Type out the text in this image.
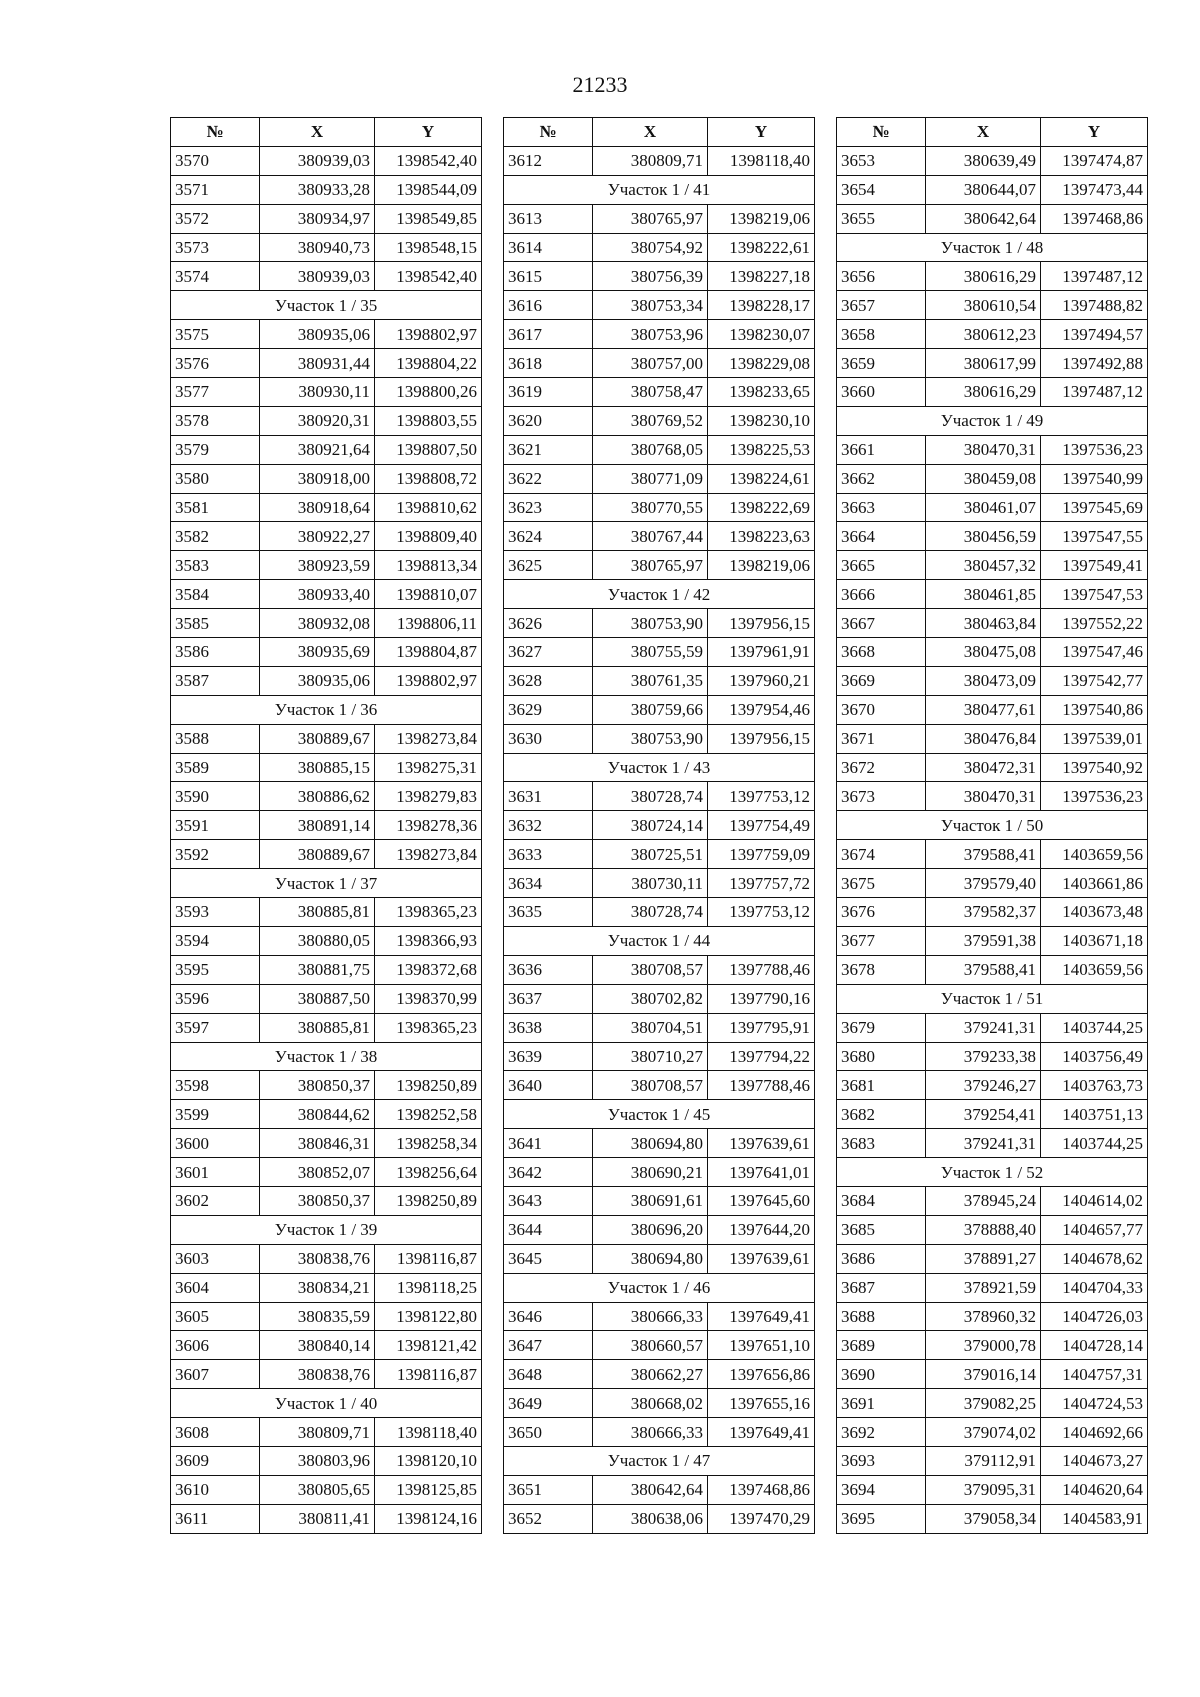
21233
№	X	Y
3570	380939,03	1398542,40
3571	380933,28	1398544,09
3572	380934,97	1398549,85
3573	380940,73	1398548,15
3574	380939,03	1398542,40
Участок 1 / 35		
3575	380935,06	1398802,97
3576	380931,44	1398804,22
3577	380930,11	1398800,26
3578	380920,31	1398803,55
3579	380921,64	1398807,50
3580	380918,00	1398808,72
3581	380918,64	1398810,62
3582	380922,27	1398809,40
3583	380923,59	1398813,34
3584	380933,40	1398810,07
3585	380932,08	1398806,11
3586	380935,69	1398804,87
3587	380935,06	1398802,97
Участок 1 / 36		
3588	380889,67	1398273,84
3589	380885,15	1398275,31
3590	380886,62	1398279,83
3591	380891,14	1398278,36
3592	380889,67	1398273,84
Участок 1 / 37		
3593	380885,81	1398365,23
3594	380880,05	1398366,93
3595	380881,75	1398372,68
3596	380887,50	1398370,99
3597	380885,81	1398365,23
Участок 1 / 38		
3598	380850,37	1398250,89
3599	380844,62	1398252,58
3600	380846,31	1398258,34
3601	380852,07	1398256,64
3602	380850,37	1398250,89
Участок 1 / 39		
3603	380838,76	1398116,87
3604	380834,21	1398118,25
3605	380835,59	1398122,80
3606	380840,14	1398121,42
3607	380838,76	1398116,87
Участок 1 / 40		
3608	380809,71	1398118,40
3609	380803,96	1398120,10
3610	380805,65	1398125,85
3611	380811,41	1398124,16
№	X	Y
3612	380809,71	1398118,40
Участок 1 / 41		
3613	380765,97	1398219,06
3614	380754,92	1398222,61
3615	380756,39	1398227,18
3616	380753,34	1398228,17
3617	380753,96	1398230,07
3618	380757,00	1398229,08
3619	380758,47	1398233,65
3620	380769,52	1398230,10
3621	380768,05	1398225,53
3622	380771,09	1398224,61
3623	380770,55	1398222,69
3624	380767,44	1398223,63
3625	380765,97	1398219,06
Участок 1 / 42		
3626	380753,90	1397956,15
3627	380755,59	1397961,91
3628	380761,35	1397960,21
3629	380759,66	1397954,46
3630	380753,90	1397956,15
Участок 1 / 43		
3631	380728,74	1397753,12
3632	380724,14	1397754,49
3633	380725,51	1397759,09
3634	380730,11	1397757,72
3635	380728,74	1397753,12
Участок 1 / 44		
3636	380708,57	1397788,46
3637	380702,82	1397790,16
3638	380704,51	1397795,91
3639	380710,27	1397794,22
3640	380708,57	1397788,46
Участок 1 / 45		
3641	380694,80	1397639,61
3642	380690,21	1397641,01
3643	380691,61	1397645,60
3644	380696,20	1397644,20
3645	380694,80	1397639,61
Участок 1 / 46		
3646	380666,33	1397649,41
3647	380660,57	1397651,10
3648	380662,27	1397656,86
3649	380668,02	1397655,16
3650	380666,33	1397649,41
Участок 1 / 47		
3651	380642,64	1397468,86
3652	380638,06	1397470,29
№	X	Y
3653	380639,49	1397474,87
3654	380644,07	1397473,44
3655	380642,64	1397468,86
Участок 1 / 48		
3656	380616,29	1397487,12
3657	380610,54	1397488,82
3658	380612,23	1397494,57
3659	380617,99	1397492,88
3660	380616,29	1397487,12
Участок 1 / 49		
3661	380470,31	1397536,23
3662	380459,08	1397540,99
3663	380461,07	1397545,69
3664	380456,59	1397547,55
3665	380457,32	1397549,41
3666	380461,85	1397547,53
3667	380463,84	1397552,22
3668	380475,08	1397547,46
3669	380473,09	1397542,77
3670	380477,61	1397540,86
3671	380476,84	1397539,01
3672	380472,31	1397540,92
3673	380470,31	1397536,23
Участок 1 / 50		
3674	379588,41	1403659,56
3675	379579,40	1403661,86
3676	379582,37	1403673,48
3677	379591,38	1403671,18
3678	379588,41	1403659,56
Участок 1 / 51		
3679	379241,31	1403744,25
3680	379233,38	1403756,49
3681	379246,27	1403763,73
3682	379254,41	1403751,13
3683	379241,31	1403744,25
Участок 1 / 52		
3684	378945,24	1404614,02
3685	378888,40	1404657,77
3686	378891,27	1404678,62
3687	378921,59	1404704,33
3688	378960,32	1404726,03
3689	379000,78	1404728,14
3690	379016,14	1404757,31
3691	379082,25	1404724,53
3692	379074,02	1404692,66
3693	379112,91	1404673,27
3694	379095,31	1404620,64
3695	379058,34	1404583,91
